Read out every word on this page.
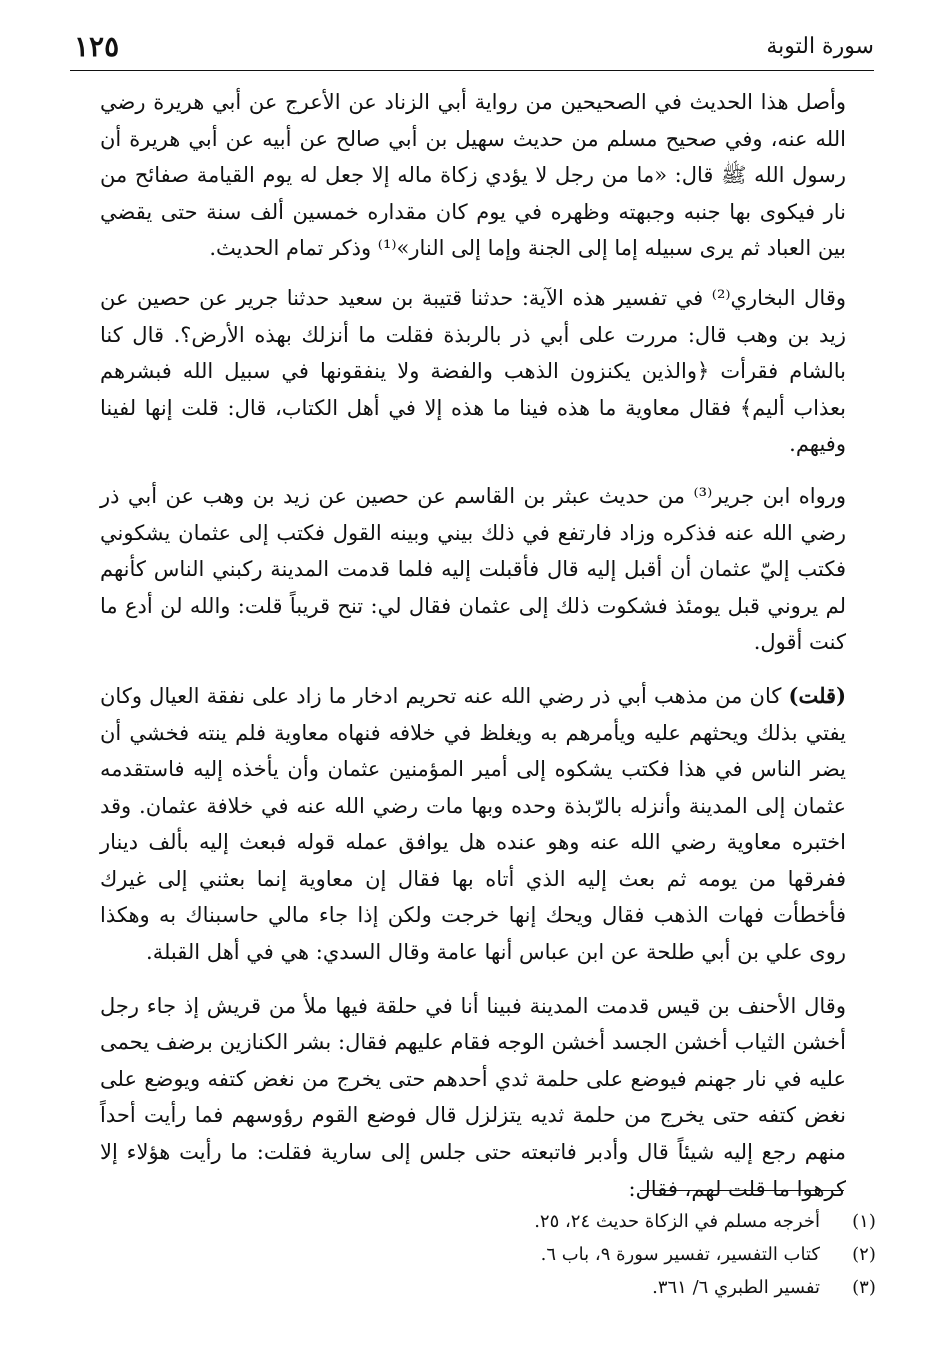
سورة التوبة
١٢٥

وأصل هذا الحديث في الصحيحين من رواية أبي الزناد عن الأعرج عن أبي هريرة رضي الله عنه، وفي صحيح مسلم من حديث سهيل بن أبي صالح عن أبيه عن أبي هريرة أن رسول الله ﷺ قال: «ما من رجل لا يؤدي زكاة ماله إلا جعل له يوم القيامة صفائح من نار فيكوى بها جنبه وجبهته وظهره في يوم كان مقداره خمسين ألف سنة حتى يقضي بين العباد ثم يرى سبيله إما إلى الجنة وإما إلى النار»⁽¹⁾ وذكر تمام الحديث.

وقال البخاري⁽²⁾ في تفسير هذه الآية: حدثنا قتيبة بن سعيد حدثنا جرير عن حصين عن زيد بن وهب قال: مررت على أبي ذر بالربذة فقلت ما أنزلك بهذه الأرض؟. قال كنا بالشام فقرأت ﴿والذين يكنزون الذهب والفضة ولا ينفقونها في سبيل الله فبشرهم بعذاب أليم﴾ فقال معاوية ما هذه فينا ما هذه إلا في أهل الكتاب، قال: قلت إنها لفينا وفيهم.

ورواه ابن جرير⁽³⁾ من حديث عبثر بن القاسم عن حصين عن زيد بن وهب عن أبي ذر رضي الله عنه فذكره وزاد فارتفع في ذلك بيني وبينه القول فكتب إلى عثمان يشكوني فكتب إليّ عثمان أن أقبل إليه قال فأقبلت إليه فلما قدمت المدينة ركبني الناس كأنهم لم يروني قبل يومئذ فشكوت ذلك إلى عثمان فقال لي: تنح قريباً قلت: والله لن أدع ما كنت أقول.

(قلت) كان من مذهب أبي ذر رضي الله عنه تحريم ادخار ما زاد على نفقة العيال وكان يفتي بذلك ويحثهم عليه ويأمرهم به ويغلظ في خلافه فنهاه معاوية فلم ينته فخشي أن يضر الناس في هذا فكتب يشكوه إلى أمير المؤمنين عثمان وأن يأخذه إليه فاستقدمه عثمان إلى المدينة وأنزله بالرّبذة وحده وبها مات رضي الله عنه في خلافة عثمان. وقد اختبره معاوية رضي الله عنه وهو عنده هل يوافق عمله قوله فبعث إليه بألف دينار ففرقها من يومه ثم بعث إليه الذي أتاه بها فقال إن معاوية إنما بعثني إلى غيرك فأخطأت فهات الذهب فقال ويحك إنها خرجت ولكن إذا جاء مالي حاسبناك به وهكذا روى علي بن أبي طلحة عن ابن عباس أنها عامة وقال السدي: هي في أهل القبلة.

وقال الأحنف بن قيس قدمت المدينة فبينا أنا في حلقة فيها ملأ من قريش إذ جاء رجل أخشن الثياب أخشن الجسد أخشن الوجه فقام عليهم فقال: بشر الكنازين برضف يحمى عليه في نار جهنم فيوضع على حلمة ثدي أحدهم حتى يخرج من نغض كتفه ويوضع على نغض كتفه حتى يخرج من حلمة ثديه يتزلزل قال فوضع القوم رؤوسهم فما رأيت أحداً منهم رجع إليه شيئاً قال وأدبر فاتبعته حتى جلس إلى سارية فقلت: ما رأيت هؤلاء إلا كرهوا ما قلت لهم، فقال:

(١)
أخرجه مسلم في الزكاة حديث ٢٤، ٢٥.
(٢)
كتاب التفسير، تفسير سورة ٩، باب ٦.
(٣)
تفسير الطبري ٦/ ٣٦١.
